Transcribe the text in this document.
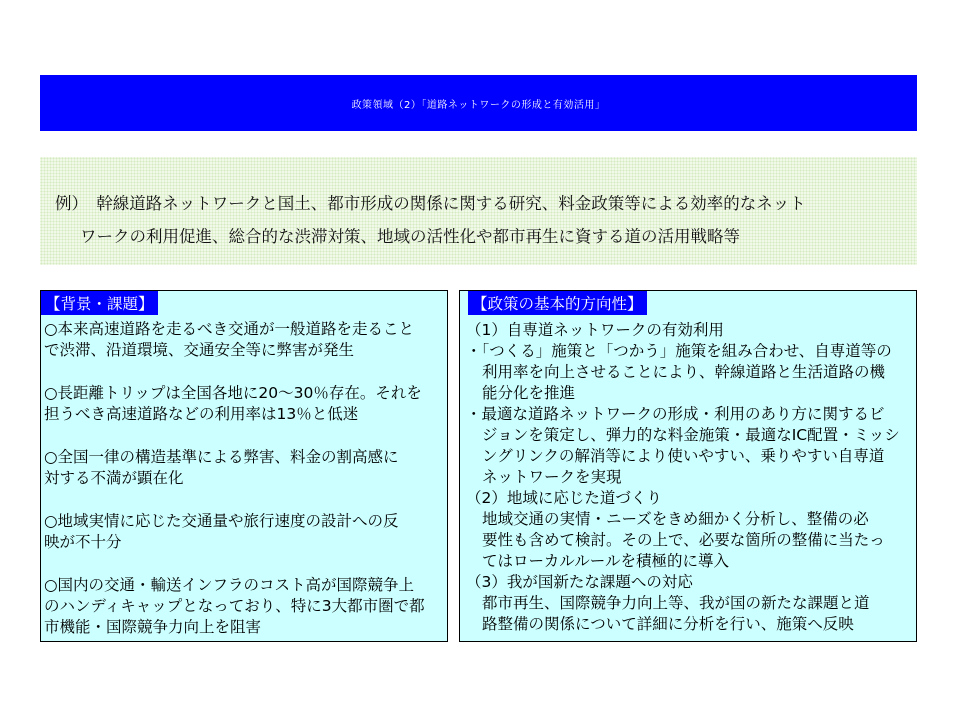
政策領域（2）「道路ネットワークの形成と有効活用」
例）　幹線道路ネットワークと国土、都市形成の関係に関する研究、料金政策等による効率的なネット
ワークの利用促進、総合的な渋滞対策、地域の活性化や都市再生に資する道の活用戦略等
【背景・課題】
○本来高速道路を走るべき交通が一般道路を走ること
で渋滞、沿道環境、交通安全等に弊害が発生
○長距離トリップは全国各地に20～30％存在。それを
担うべき高速道路などの利用率は13％と低迷
○全国一律の構造基準による弊害、料金の割高感に
対する不満が顕在化
○地域実情に応じた交通量や旅行速度の設計への反
映が不十分
○国内の交通・輸送インフラのコスト高が国際競争上
のハンディキャップとなっており、特に3大都市圏で都
市機能・国際競争力向上を阻害
【政策の基本的方向性】
（1）自専道ネットワークの有効利用
・「つくる」施策と「つかう」施策を組み合わせ、自専道等の
利用率を向上させることにより、幹線道路と生活道路の機
能分化を推進
・最適な道路ネットワークの形成・利用のあり方に関するビ
ジョンを策定し、弾力的な料金施策・最適なIC配置・ミッシ
ングリンクの解消等により使いやすい、乗りやすい自専道
ネットワークを実現
（2）地域に応じた道づくり
地域交通の実情・ニーズをきめ細かく分析し、整備の必
要性も含めて検討。その上で、必要な箇所の整備に当たっ
てはローカルルールを積極的に導入
（3）我が国新たな課題への対応
都市再生、国際競争力向上等、我が国の新たな課題と道
路整備の関係について詳細に分析を行い、施策へ反映
